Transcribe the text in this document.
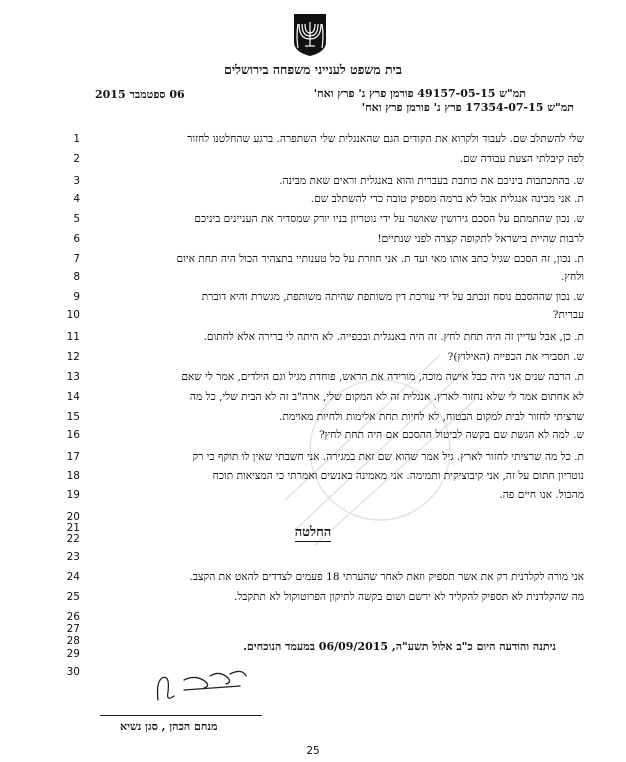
בית משפט לענייני משפחה בירושלים
06 ספטמבר 2015	תמ"ש 49157-05-15 פורמן פרץ נ' פרץ ואח'
תמ"ש 17354-07-15 פרץ נ' פורמן פרץ ואח'
1	שלי להשתלב שם. לעבוד ולקרוא את הקודים הגם שהאנגלית שלי השתפרה. ברגע שהחלטנו לחזור
2	לפה קיבלתי הצעת עבודה שם.
3	ש. בהתכתבות ביניכם את כותבת בעברית והוא באנגלית וראים שאת מבינה.
4	ת. אני מבינה אנגלית אבל לא ברמה מספיק טובה כדי להשתלב שם.
5	ש. נכון שהתמתם על הסכם גירושין שאושר על ידי נוטריון בניו יורק שמסדיר את העניינים ביניכם
6	לרבות שהיית בישראל לתקופה קצרה לפני שנתיים!
7	ת. נכון, זה הסכם שגיל כתב אותו מאי ועד ת. אני חוזרת על כל טענותיי בתצהיר הכול היה תחת איום
8	ולחץ.
9	ש. נכון שההסכם נוסח ונכתב על ידי עורכת דין משותפת שהיתה משותפת, מגשרת והיא דוברת
10	עברית?
11	ת. כן, אבל עדיין זה היה תחת לחץ. זה היה באנגלית ובכפייה. לא היתה לי ברירה אלא לחתום.
12	ש. תסבירי את הכפייה (האילוץ)?
13	ת. הרבה שנים אני היה כבל אישה מוכה, מורידה את הראש, פוחדת מגיל וגם הילדים, אמר לי שאם
14	לא אחתום אמר לי שלא נחזור לארץ. אנגלית זה לא המקום שלי, ארה"ב זה לא הבית שלי, כל מה
15	שרציתי לחזור לבית למקום הבטוח, לא לחיות תחת אלימות ולחיות מאוימת.
16	ש. למה לא הגשת שם בקשה לביטול ההסכם אם היה תחת לחץ?
17	ת. כל מה שרציתי לחזור לארץ. גיל אמר שהוא שם זאת במגירה. אני חשבתי שאין לו תוקף כי רק
18	נוטריון חתום על זה, אני קיבוציקית ותמימה. אני מאמינה באנשים ואמרתי כי המציאות תוכח
19	מהכול. אנו חיים פה.
20
21
22
23
24	אני מורה לקלדנית רק את אשר תספיק וזאת לאחר שהערתי 18 פעמים לצדדים להאט את הקצב.
25	מה שהקלדנית לא תספיק להקליד לא ירשם ושום בקשה לתיקון הפרוטוקול לא תתקבל.
26
27
28
29
30
החלטה
ניתנה והודעה היום כ"ב אלול תשע"ה, 06/09/2015 במעמד הנוכחים.
מנחם הכהן , סגן נשיא
25
